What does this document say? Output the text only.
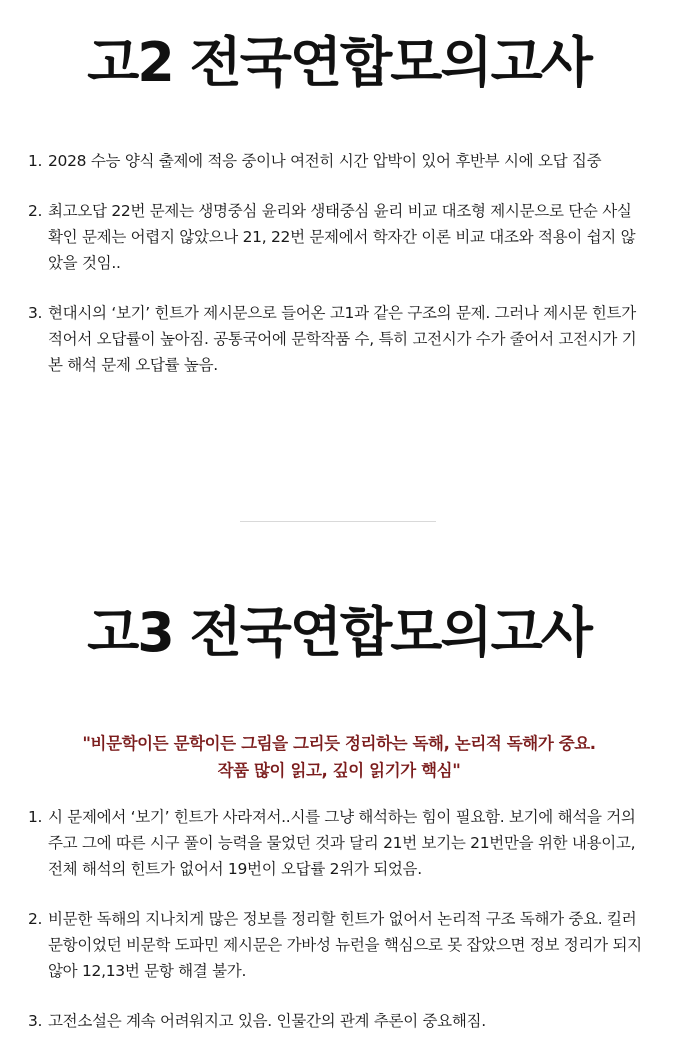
고2 전국연합모의고사
1. 2028 수능 양식 출제에 적응 중이나 여전히 시간 압박이 있어 후반부 시에 오답 집중
2. 최고오답 22번 문제는 생명중심 윤리와 생태중심 윤리 비교 대조형 제시문으로 단순 사실 확인 문제는 어렵지 않았으나 21, 22번 문제에서 학자간 이론 비교 대조와 적용이 쉽지 않았을 것임..
3. 현대시의 ‘보기’ 힌트가 제시문으로 들어온 고1과 같은 구조의 문제. 그러나 제시문 힌트가 적어서 오답률이 높아짐. 공통국어에 문학작품 수, 특히 고전시가 수가 줄어서 고전시가 기본 해석 문제 오답률 높음.
고3 전국연합모의고사
"비문학이든 문학이든 그림을 그리듯 정리하는 독해, 논리적 독해가 중요.
작품 많이 읽고, 깊이 읽기가 핵심"
1. 시 문제에서 ‘보기’ 힌트가 사라져서..시를 그냥 해석하는 힘이 필요함. 보기에 해석을 거의 주고 그에 따른 시구 풀이 능력을 물었던 것과 달리 21번 보기는 21번만을 위한 내용이고, 전체 해석의 힌트가 없어서 19번이 오답률 2위가 되었음.
2. 비문한 독해의 지나치게 많은 정보를 정리할 힌트가 없어서 논리적 구조 독해가 중요. 킬러 문항이었던 비문학 도파민 제시문은 가바성 뉴런을 핵심으로 못 잡았으면 정보 정리가 되지 않아 12,13번 문항 해결 불가.
3. 고전소설은 계속 어려워지고 있음. 인물간의 관계 추론이 중요해짐.
